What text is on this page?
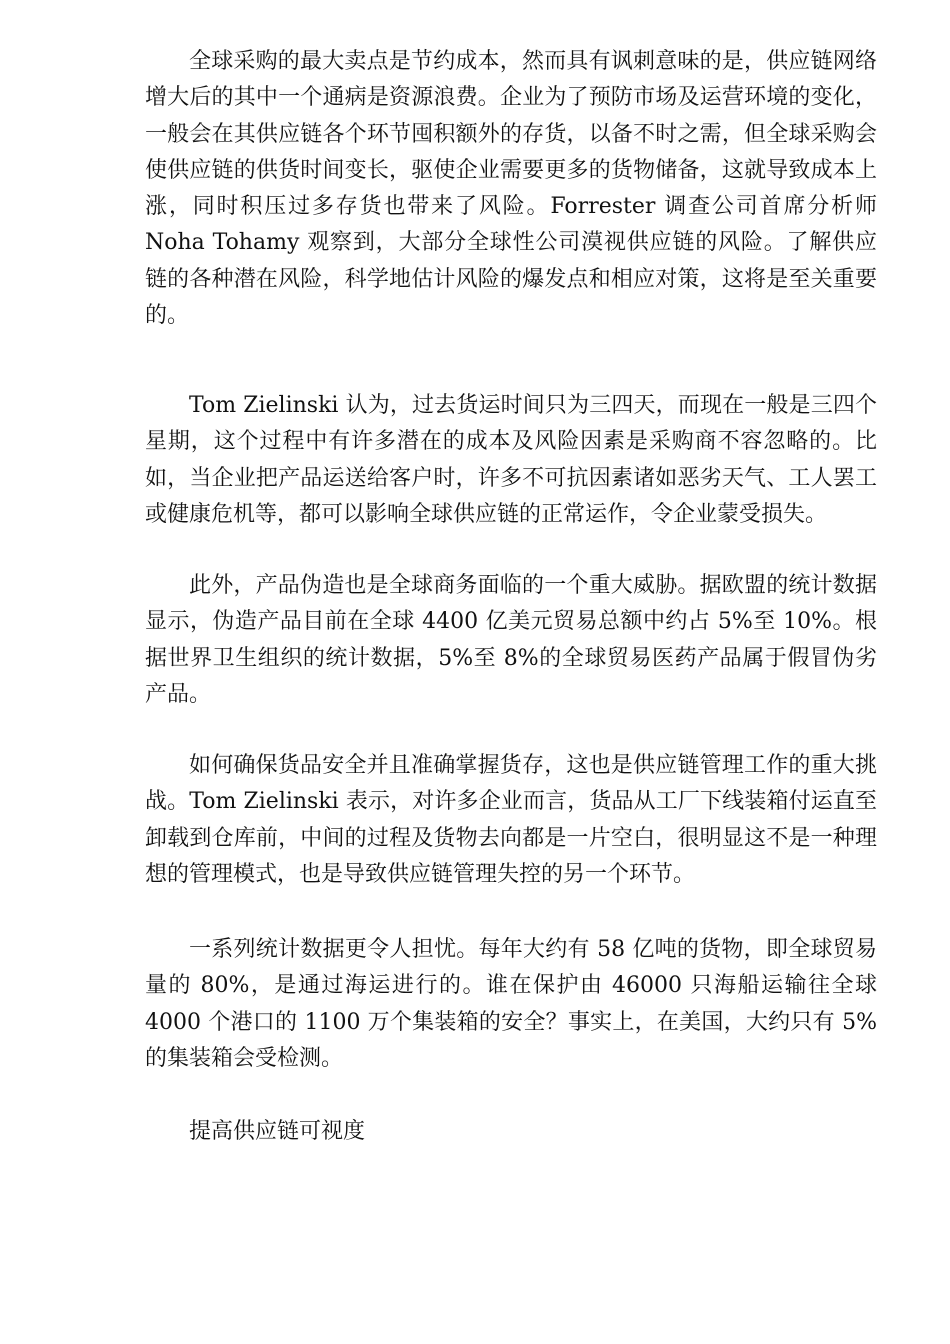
全球采购的最大卖点是节约成本，然而具有讽刺意味的是，供应链网络增大后的其中一个通病是资源浪费。企业为了预防市场及运营环境的变化，一般会在其供应链各个环节囤积额外的存货，以备不时之需，但全球采购会使供应链的供货时间变长，驱使企业需要更多的货物储备，这就导致成本上涨，同时积压过多存货也带来了风险。Forrester 调查公司首席分析师 Noha Tohamy 观察到，大部分全球性公司漠视供应链的风险。了解供应链的各种潜在风险，科学地估计风险的爆发点和相应对策，这将是至关重要的。

Tom Zielinski 认为，过去货运时间只为三四天，而现在一般是三四个星期，这个过程中有许多潜在的成本及风险因素是采购商不容忽略的。比如，当企业把产品运送给客户时，许多不可抗因素诸如恶劣天气、工人罢工或健康危机等，都可以影响全球供应链的正常运作，令企业蒙受损失。

此外，产品伪造也是全球商务面临的一个重大威胁。据欧盟的统计数据显示，伪造产品目前在全球 4400 亿美元贸易总额中约占 5%至 10%。根据世界卫生组织的统计数据，5%至 8%的全球贸易医药产品属于假冒伪劣产品。

如何确保货品安全并且准确掌握货存，这也是供应链管理工作的重大挑战。Tom Zielinski 表示，对许多企业而言，货品从工厂下线装箱付运直至卸载到仓库前，中间的过程及货物去向都是一片空白，很明显这不是一种理想的管理模式，也是导致供应链管理失控的另一个环节。

一系列统计数据更令人担忧。每年大约有 58 亿吨的货物，即全球贸易量的 80%，是通过海运进行的。谁在保护由 46000 只海船运输往全球 4000 个港口的 1100 万个集装箱的安全？事实上，在美国，大约只有 5%的集装箱会受检测。

提高供应链可视度
